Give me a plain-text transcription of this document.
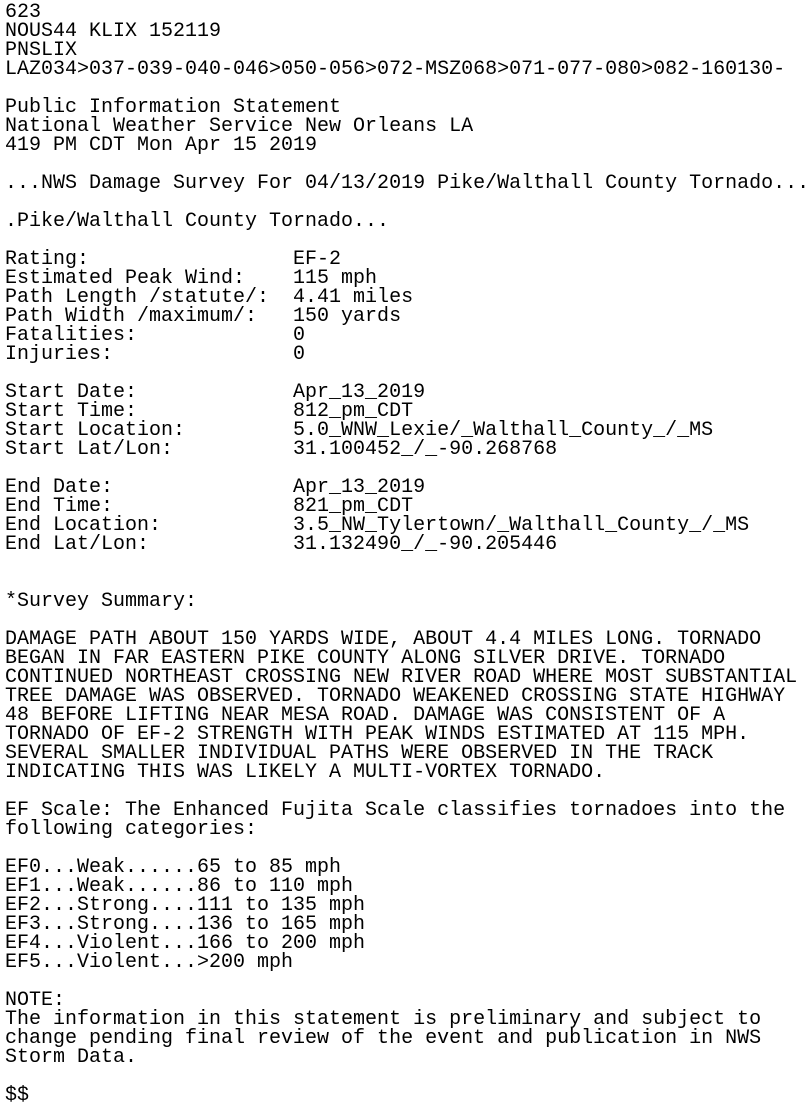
623
NOUS44 KLIX 152119
PNSLIX
LAZ034>037-039-040-046>050-056>072-MSZ068>071-077-080>082-160130-
Public Information Statement
National Weather Service New Orleans LA
419 PM CDT Mon Apr 15 2019
...NWS Damage Survey For 04/13/2019 Pike/Walthall County Tornado...
.Pike/Walthall County Tornado...
Rating:                 EF-2
Estimated Peak Wind:    115 mph
Path Length /statute/:  4.41 miles
Path Width /maximum/:   150 yards
Fatalities:             0
Injuries:               0
Start Date:             Apr_13_2019
Start Time:             812_pm_CDT
Start Location:         5.0_WNW_Lexie/_Walthall_County_/_MS
Start Lat/Lon:          31.100452_/_-90.268768
End Date:               Apr_13_2019
End Time:               821_pm_CDT
End Location:           3.5_NW_Tylertown/_Walthall_County_/_MS
End Lat/Lon:            31.132490_/_-90.205446
*Survey Summary:
DAMAGE PATH ABOUT 150 YARDS WIDE, ABOUT 4.4 MILES LONG. TORNADO
BEGAN IN FAR EASTERN PIKE COUNTY ALONG SILVER DRIVE. TORNADO
CONTINUED NORTHEAST CROSSING NEW RIVER ROAD WHERE MOST SUBSTANTIAL
TREE DAMAGE WAS OBSERVED. TORNADO WEAKENED CROSSING STATE HIGHWAY
48 BEFORE LIFTING NEAR MESA ROAD. DAMAGE WAS CONSISTENT OF A
TORNADO OF EF-2 STRENGTH WITH PEAK WINDS ESTIMATED AT 115 MPH.
SEVERAL SMALLER INDIVIDUAL PATHS WERE OBSERVED IN THE TRACK
INDICATING THIS WAS LIKELY A MULTI-VORTEX TORNADO.
EF Scale: The Enhanced Fujita Scale classifies tornadoes into the
following categories:
EF0...Weak......65 to 85 mph
EF1...Weak......86 to 110 mph
EF2...Strong....111 to 135 mph
EF3...Strong....136 to 165 mph
EF4...Violent...166 to 200 mph
EF5...Violent...>200 mph
NOTE:
The information in this statement is preliminary and subject to
change pending final review of the event and publication in NWS
Storm Data.
$$
